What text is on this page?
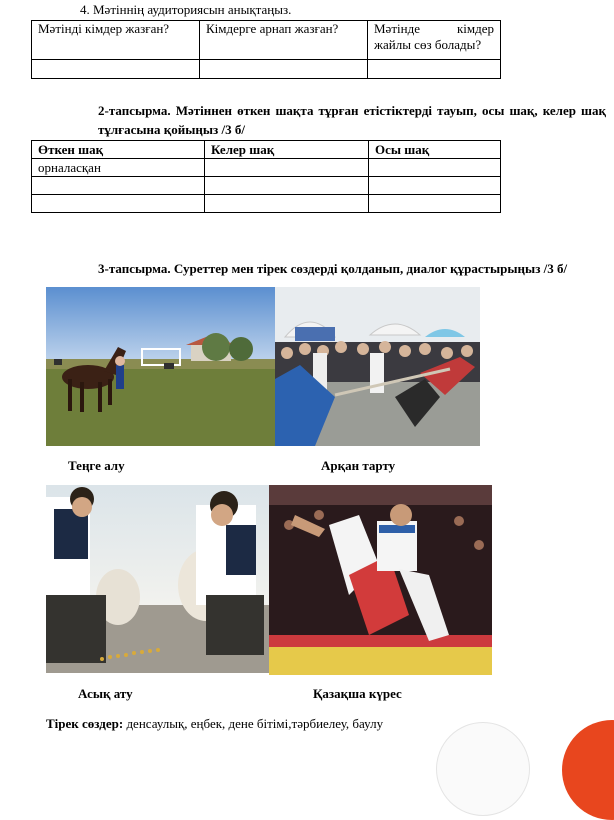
4. Мәтіннің аудиториясын анықтаңыз.
Мәтінді кімдер жазған?	Кімдерге арнап жазған?	Мәтінде кімдер жайлы сөз болады?

2-тапсырма. Мәтіннен өткен шақта тұрған етістіктерді тауып, осы шақ, келер шақ тұлғасына қойыңыз /3 б/
Өткен шақ	Келер шақ	Осы шақ
орналасқан		

3-тапсырма. Суреттер мен тірек сөздерді қолданып, диалог құрастырыңыз /3 б/
Теңге алу	Арқан тарту
Асық ату	Қазақша күрес
Тірек сөздер: денсаулық, еңбек, дене бітімі,тәрбиелеу, баулу
